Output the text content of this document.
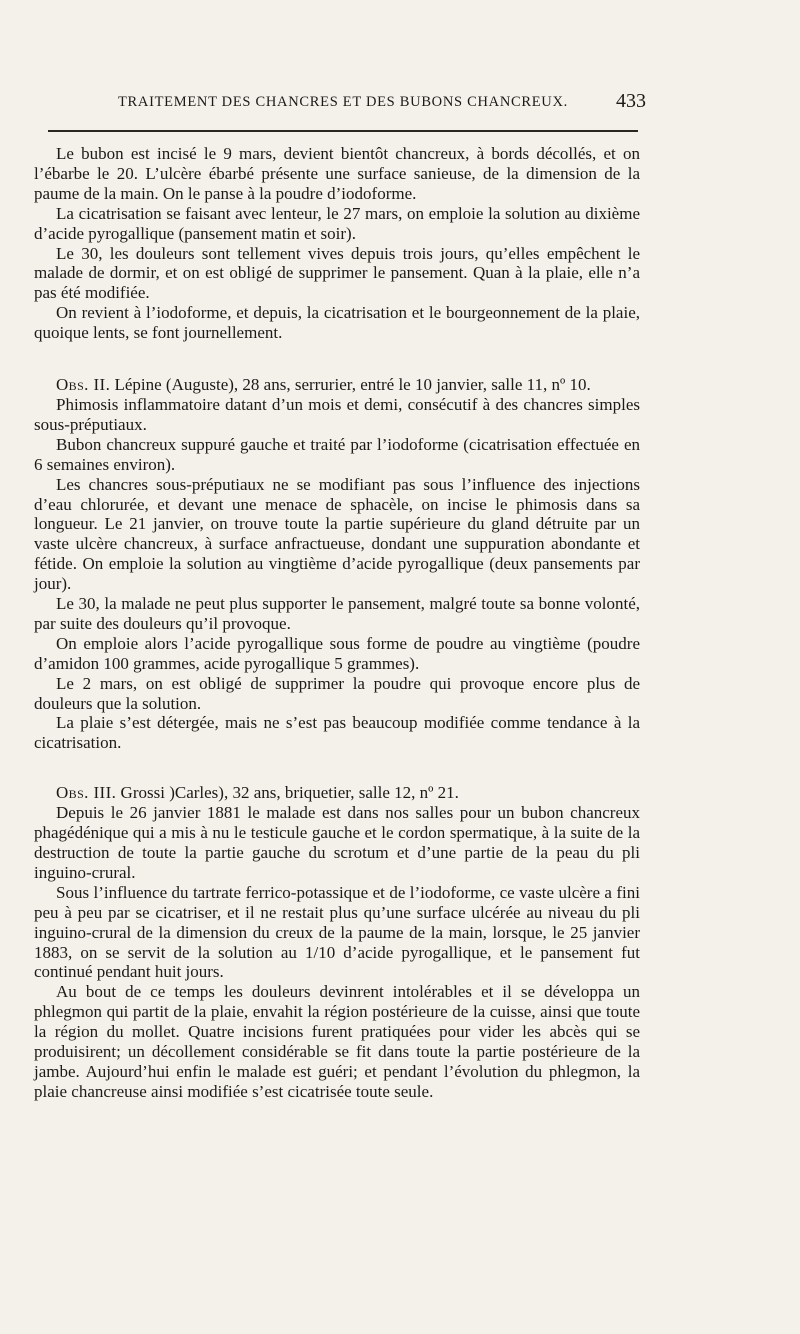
TRAITEMENT DES CHANCRES ET DES BUBONS CHANCREUX. 433

Le bubon est incisé le 9 mars, devient bientôt chancreux, à bords décollés, et on l’ébarbe le 20. L’ulcère ébarbé présente une surface sanieuse, de la dimension de la paume de la main. On le panse à la poudre d’iodoforme.

La cicatrisation se faisant avec lenteur, le 27 mars, on emploie la solution au dixième d’acide pyrogallique (pansement matin et soir).

Le 30, les douleurs sont tellement vives depuis trois jours, qu’elles empêchent le malade de dormir, et on est obligé de supprimer le pansement. Quan à la plaie, elle n’a pas été modifiée.

On revient à l’iodoforme, et depuis, la cicatrisation et le bourgeonnement de la plaie, quoique lents, se font journellement.

Obs. II. Lépine (Auguste), 28 ans, serrurier, entré le 10 janvier, salle 11, nº 10.

Phimosis inflammatoire datant d’un mois et demi, consécutif à des chancres simples sous-préputiaux.

Bubon chancreux suppuré gauche et traité par l’iodoforme (cicatrisation effectuée en 6 semaines environ).

Les chancres sous-préputiaux ne se modifiant pas sous l’influence des injections d’eau chlorurée, et devant une menace de sphacèle, on incise le phimosis dans sa longueur. Le 21 janvier, on trouve toute la partie supérieure du gland détruite par un vaste ulcère chancreux, à surface anfractueuse, dondant une suppuration abondante et fétide. On emploie la solution au vingtième d’acide pyrogallique (deux pansements par jour).

Le 30, la malade ne peut plus supporter le pansement, malgré toute sa bonne volonté, par suite des douleurs qu’il provoque.

On emploie alors l’acide pyrogallique sous forme de poudre au vingtième (poudre d’amidon 100 grammes, acide pyrogallique 5 grammes).

Le 2 mars, on est obligé de supprimer la poudre qui provoque encore plus de douleurs que la solution.

La plaie s’est détergée, mais ne s’est pas beaucoup modifiée comme tendance à la cicatrisation.

Obs. III. Grossi )Carles), 32 ans, briquetier, salle 12, nº 21.

Depuis le 26 janvier 1881 le malade est dans nos salles pour un bubon chancreux phagédénique qui a mis à nu le testicule gauche et le cordon spermatique, à la suite de la destruction de toute la partie gauche du scrotum et d’une partie de la peau du pli inguino-crural.

Sous l’influence du tartrate ferrico-potassique et de l’iodoforme, ce vaste ulcère a fini peu à peu par se cicatriser, et il ne restait plus qu’une surface ulcérée au niveau du pli inguino-crural de la dimension du creux de la paume de la main, lorsque, le 25 janvier 1883, on se servit de la solution au 1/10 d’acide pyrogallique, et le pansement fut continué pendant huit jours.

Au bout de ce temps les douleurs devinrent intolérables et il se développa un phlegmon qui partit de la plaie, envahit la région postérieure de la cuisse, ainsi que toute la région du mollet. Quatre incisions furent pratiquées pour vider les abcès qui se produisirent; un décollement considérable se fit dans toute la partie postérieure de la jambe. Aujourd’hui enfin le malade est guéri; et pendant l’évolution du phlegmon, la plaie chancreuse ainsi modifiée s’est cicatrisée toute seule.
